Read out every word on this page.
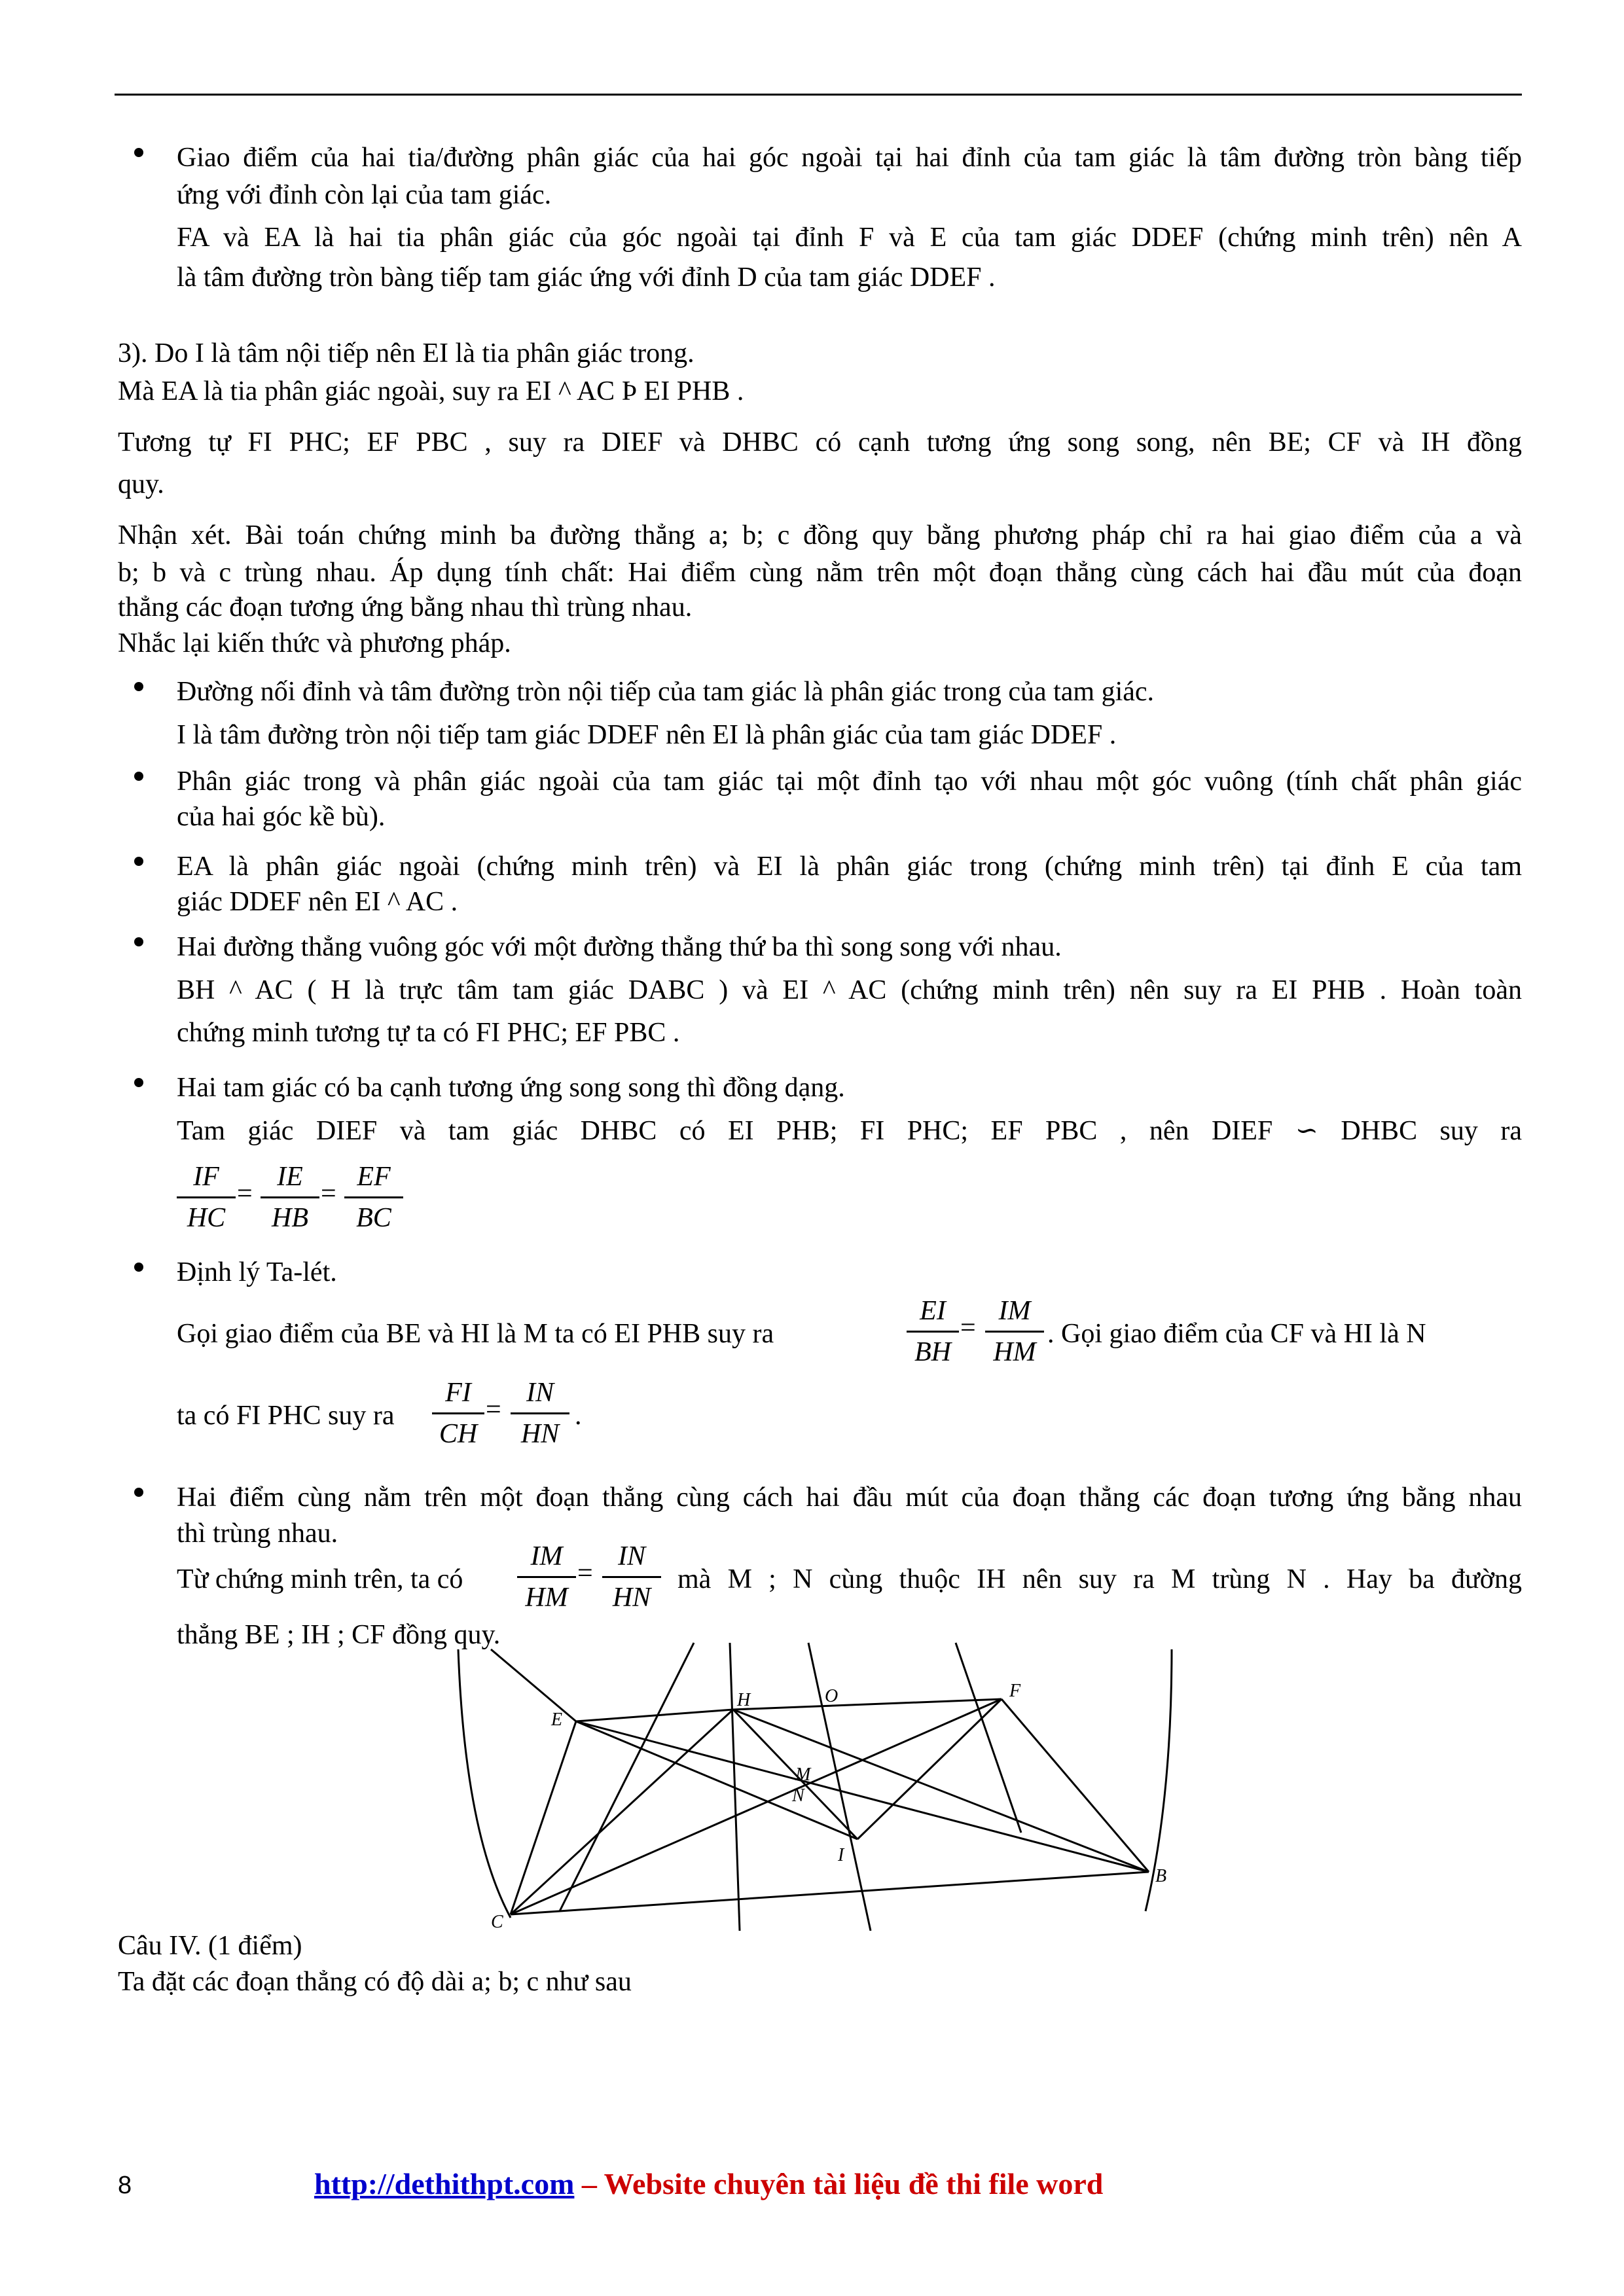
Giao điểm của hai tia/đường phân giác của hai góc ngoài tại hai đỉnh của tam giác là tâm đường tròn bàng tiếp
ứng với đỉnh còn lại của tam giác.
FA và EA là hai tia phân giác của góc ngoài tại đỉnh F và E của tam giác DDEF (chứng minh trên) nên A
là tâm đường tròn bàng tiếp tam giác ứng với đỉnh D của tam giác DDEF .
3). Do I là tâm nội tiếp nên EI là tia phân giác trong.
Mà EA là tia phân giác ngoài, suy ra EI ^ AC Þ EI PHB .
Tương tự FI PHC; EF PBC , suy ra DIEF và DHBC có cạnh tương ứng song song, nên BE; CF và IH đồng
quy.
Nhận xét. Bài toán chứng minh ba đường thẳng a; b; c đồng quy bằng phương pháp chỉ ra hai giao điểm của a và
b; b và c trùng nhau. Áp dụng tính chất: Hai điểm cùng nằm trên một đoạn thẳng cùng cách hai đầu mút của đoạn
thẳng các đoạn tương ứng bằng nhau thì trùng nhau.
Nhắc lại kiến thức và phương pháp.
Đường nối đỉnh và tâm đường tròn nội tiếp của tam giác là phân giác trong của tam giác.
I là tâm đường tròn nội tiếp tam giác DDEF nên EI là phân giác của tam giác DDEF .
Phân giác trong và phân giác ngoài của tam giác tại một đỉnh tạo với nhau một góc vuông (tính chất phân giác
của hai góc kề bù).
EA là phân giác ngoài (chứng minh trên) và EI là phân giác trong (chứng minh trên) tại đỉnh E của tam
giác DDEF nên EI ^ AC .
Hai đường thẳng vuông góc với một đường thẳng thứ ba thì song song với nhau.
BH ^ AC ( H là trực tâm tam giác DABC ) và EI ^ AC (chứng minh trên) nên suy ra EI PHB . Hoàn toàn
chứng minh tương tự ta có FI PHC; EF PBC .
Hai tam giác có ba cạnh tương ứng song song thì đồng dạng.
Tam giác DIEF và tam giác DHBC có EI PHB; FI PHC; EF PBC , nên DIEF ∽ DHBC suy ra
IF
HC
=
IE
HB
=
EF
BC
Định lý Ta-lét.
Gọi giao điểm của BE và HI là M ta có EI PHB suy ra
EI
BH
=
IM
HM
. Gọi giao điểm của CF và HI là N
ta có FI PHC suy ra
FI
CH
=
IN
HN
.
Hai điểm cùng nằm trên một đoạn thẳng cùng cách hai đầu mút của đoạn thẳng các đoạn tương ứng bằng nhau
thì trùng nhau.
Từ chứng minh trên, ta có
IM
HM
=
IN
HN
mà M ; N cùng thuộc IH nên suy ra M trùng N . Hay ba đường
thẳng BE ; IH ; CF đồng quy.
E
H	O	F
M
N
I
C
B
Câu IV. (1 điểm)
Ta đặt các đoạn thẳng có độ dài a; b; c như sau
8	http://dethithpt.com – Website chuyên tài liệu đề thi file word
